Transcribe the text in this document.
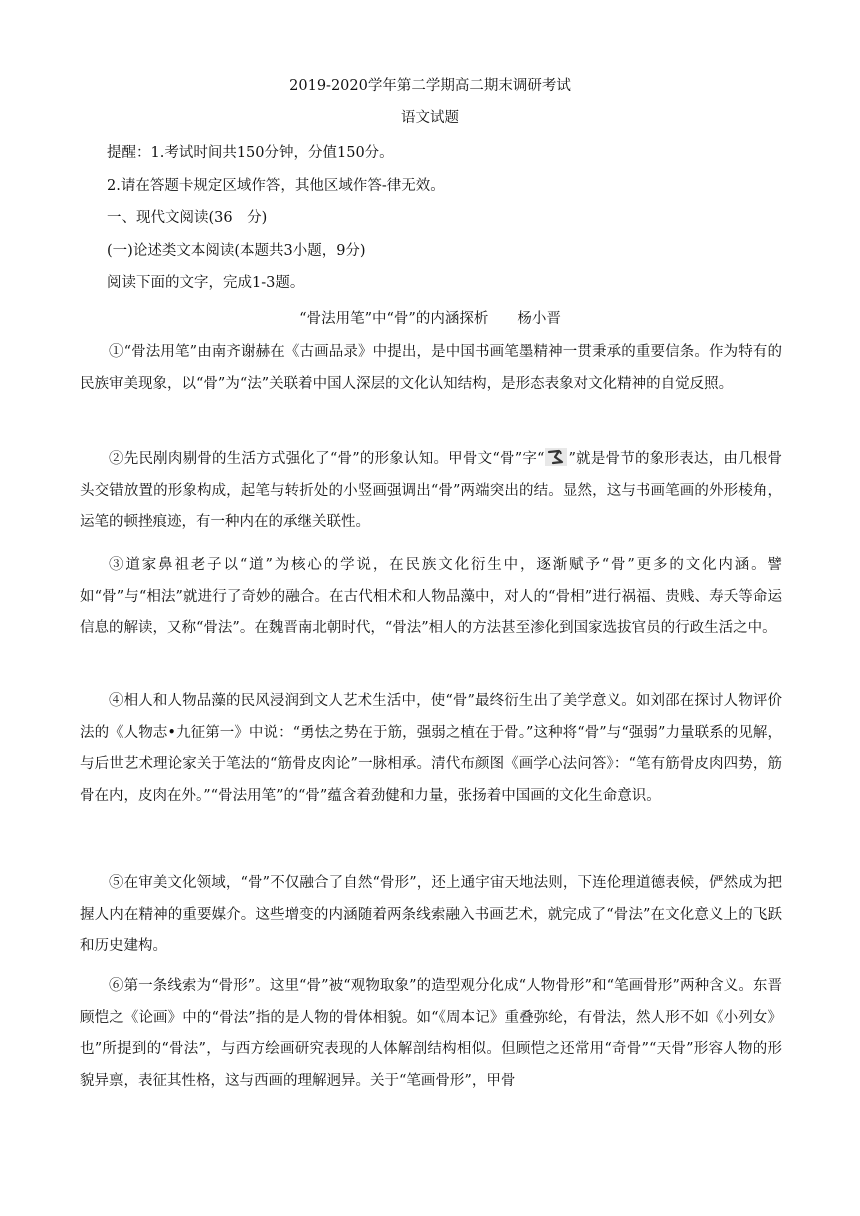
2019-2020学年第二学期高二期末调研考试
语文试题
提醒：1.考试时间共150分钟，分值150分。
2.请在答题卡规定区域作答，其他区域作答-律无效。
一、现代文阅读(36　分)
(一)论述类文本阅读(本题共3小题，9分)
阅读下面的文字，完成1-3题。
“骨法用笔”中“骨”的内涵探析　　杨小晋
①“骨法用笔”由南齐谢赫在《古画品录》中提出，是中国书画笔墨精神一贯秉承的重要信条。作为特有的民族审美现象，以“骨”为“法”关联着中国人深层的文化认知结构，是形态表象对文化精神的自觉反照。
②先民剐肉剔骨的生活方式强化了“骨”的形象认知。甲骨文“骨”字“ ”就是骨节的象形表达，由几根骨头交错放置的形象构成，起笔与转折处的小竖画强调出“骨”两端突出的结。显然，这与书画笔画的外形棱角，运笔的顿挫痕迹，有一种内在的承继关联性。
③道家鼻祖老子以“道”为核心的学说，在民族文化衍生中，逐渐赋予“骨”更多的文化内涵。譬如“骨”与“相法”就进行了奇妙的融合。在古代相术和人物品藻中，对人的“骨相”进行祸福、贵贱、寿夭等命运信息的解读，又称“骨法”。在魏晋南北朝时代，“骨法”相人的方法甚至渗化到国家选拔官员的行政生活之中。
④相人和人物品藻的民风浸润到文人艺术生活中，使“骨”最终衍生出了美学意义。如刘邵在探讨人物评价法的《人物志•九征第一》中说：“勇怯之势在于筋，强弱之植在于骨。”这种将“骨”与“强弱”力量联系的见解，与后世艺术理论家关于笔法的“筋骨皮肉论”一脉相承。清代布颜图《画学心法问答》：“笔有筋骨皮肉四势，筋骨在内，皮肉在外。”“骨法用笔”的“骨”蕴含着劲健和力量，张扬着中国画的文化生命意识。
⑤在审美文化领域，“骨”不仅融合了自然“骨形”，还上通宇宙天地法则，下连伦理道德表候，俨然成为把握人内在精神的重要媒介。这些增变的内涵随着两条线索融入书画艺术，就完成了“骨法”在文化意义上的飞跃和历史建构。
⑥第一条线索为“骨形”。这里“骨”被“观物取象”的造型观分化成“人物骨形”和“笔画骨形”两种含义。东晋顾恺之《论画》中的“骨法”指的是人物的骨体相貌。如“《周本记》重叠弥纶，有骨法，然人形不如《小列女》也”所提到的“骨法”，与西方绘画研究表现的人体解剖结构相似。但顾恺之还常用“奇骨”“天骨”形容人物的形貌异禀，表征其性格，这与西画的理解迥异。关于“笔画骨形”，甲骨
